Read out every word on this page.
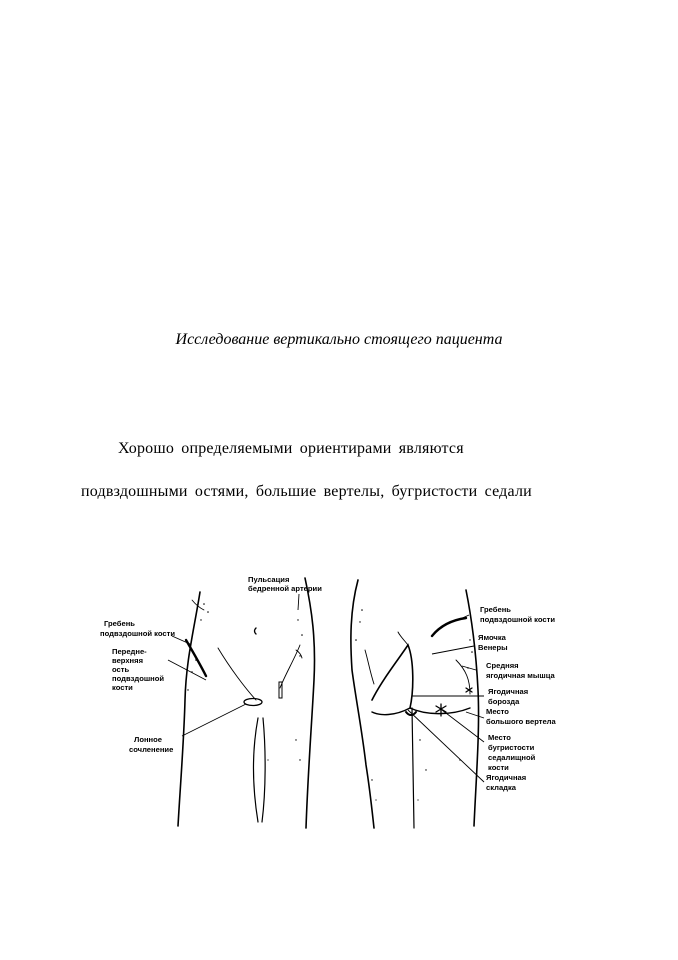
Исследование вертикально стоящего пациента
Хорошо определяемыми ориентирами являются
подвздошными остями, большие вертелы, бугристости седали
Пульсация
бедренной артерии
Гребень
подвздошной кости
Передне-
верхняя
ость
подвздошной
кости
Лонное
сочленение
Гребень
подвздошной кости
Ямочка
Венеры
Средняя
ягодичная мышца
Ягодичная
борозда
Место
большого вертела
Место
бугристости
седалищной
кости
Ягодичная
складка
